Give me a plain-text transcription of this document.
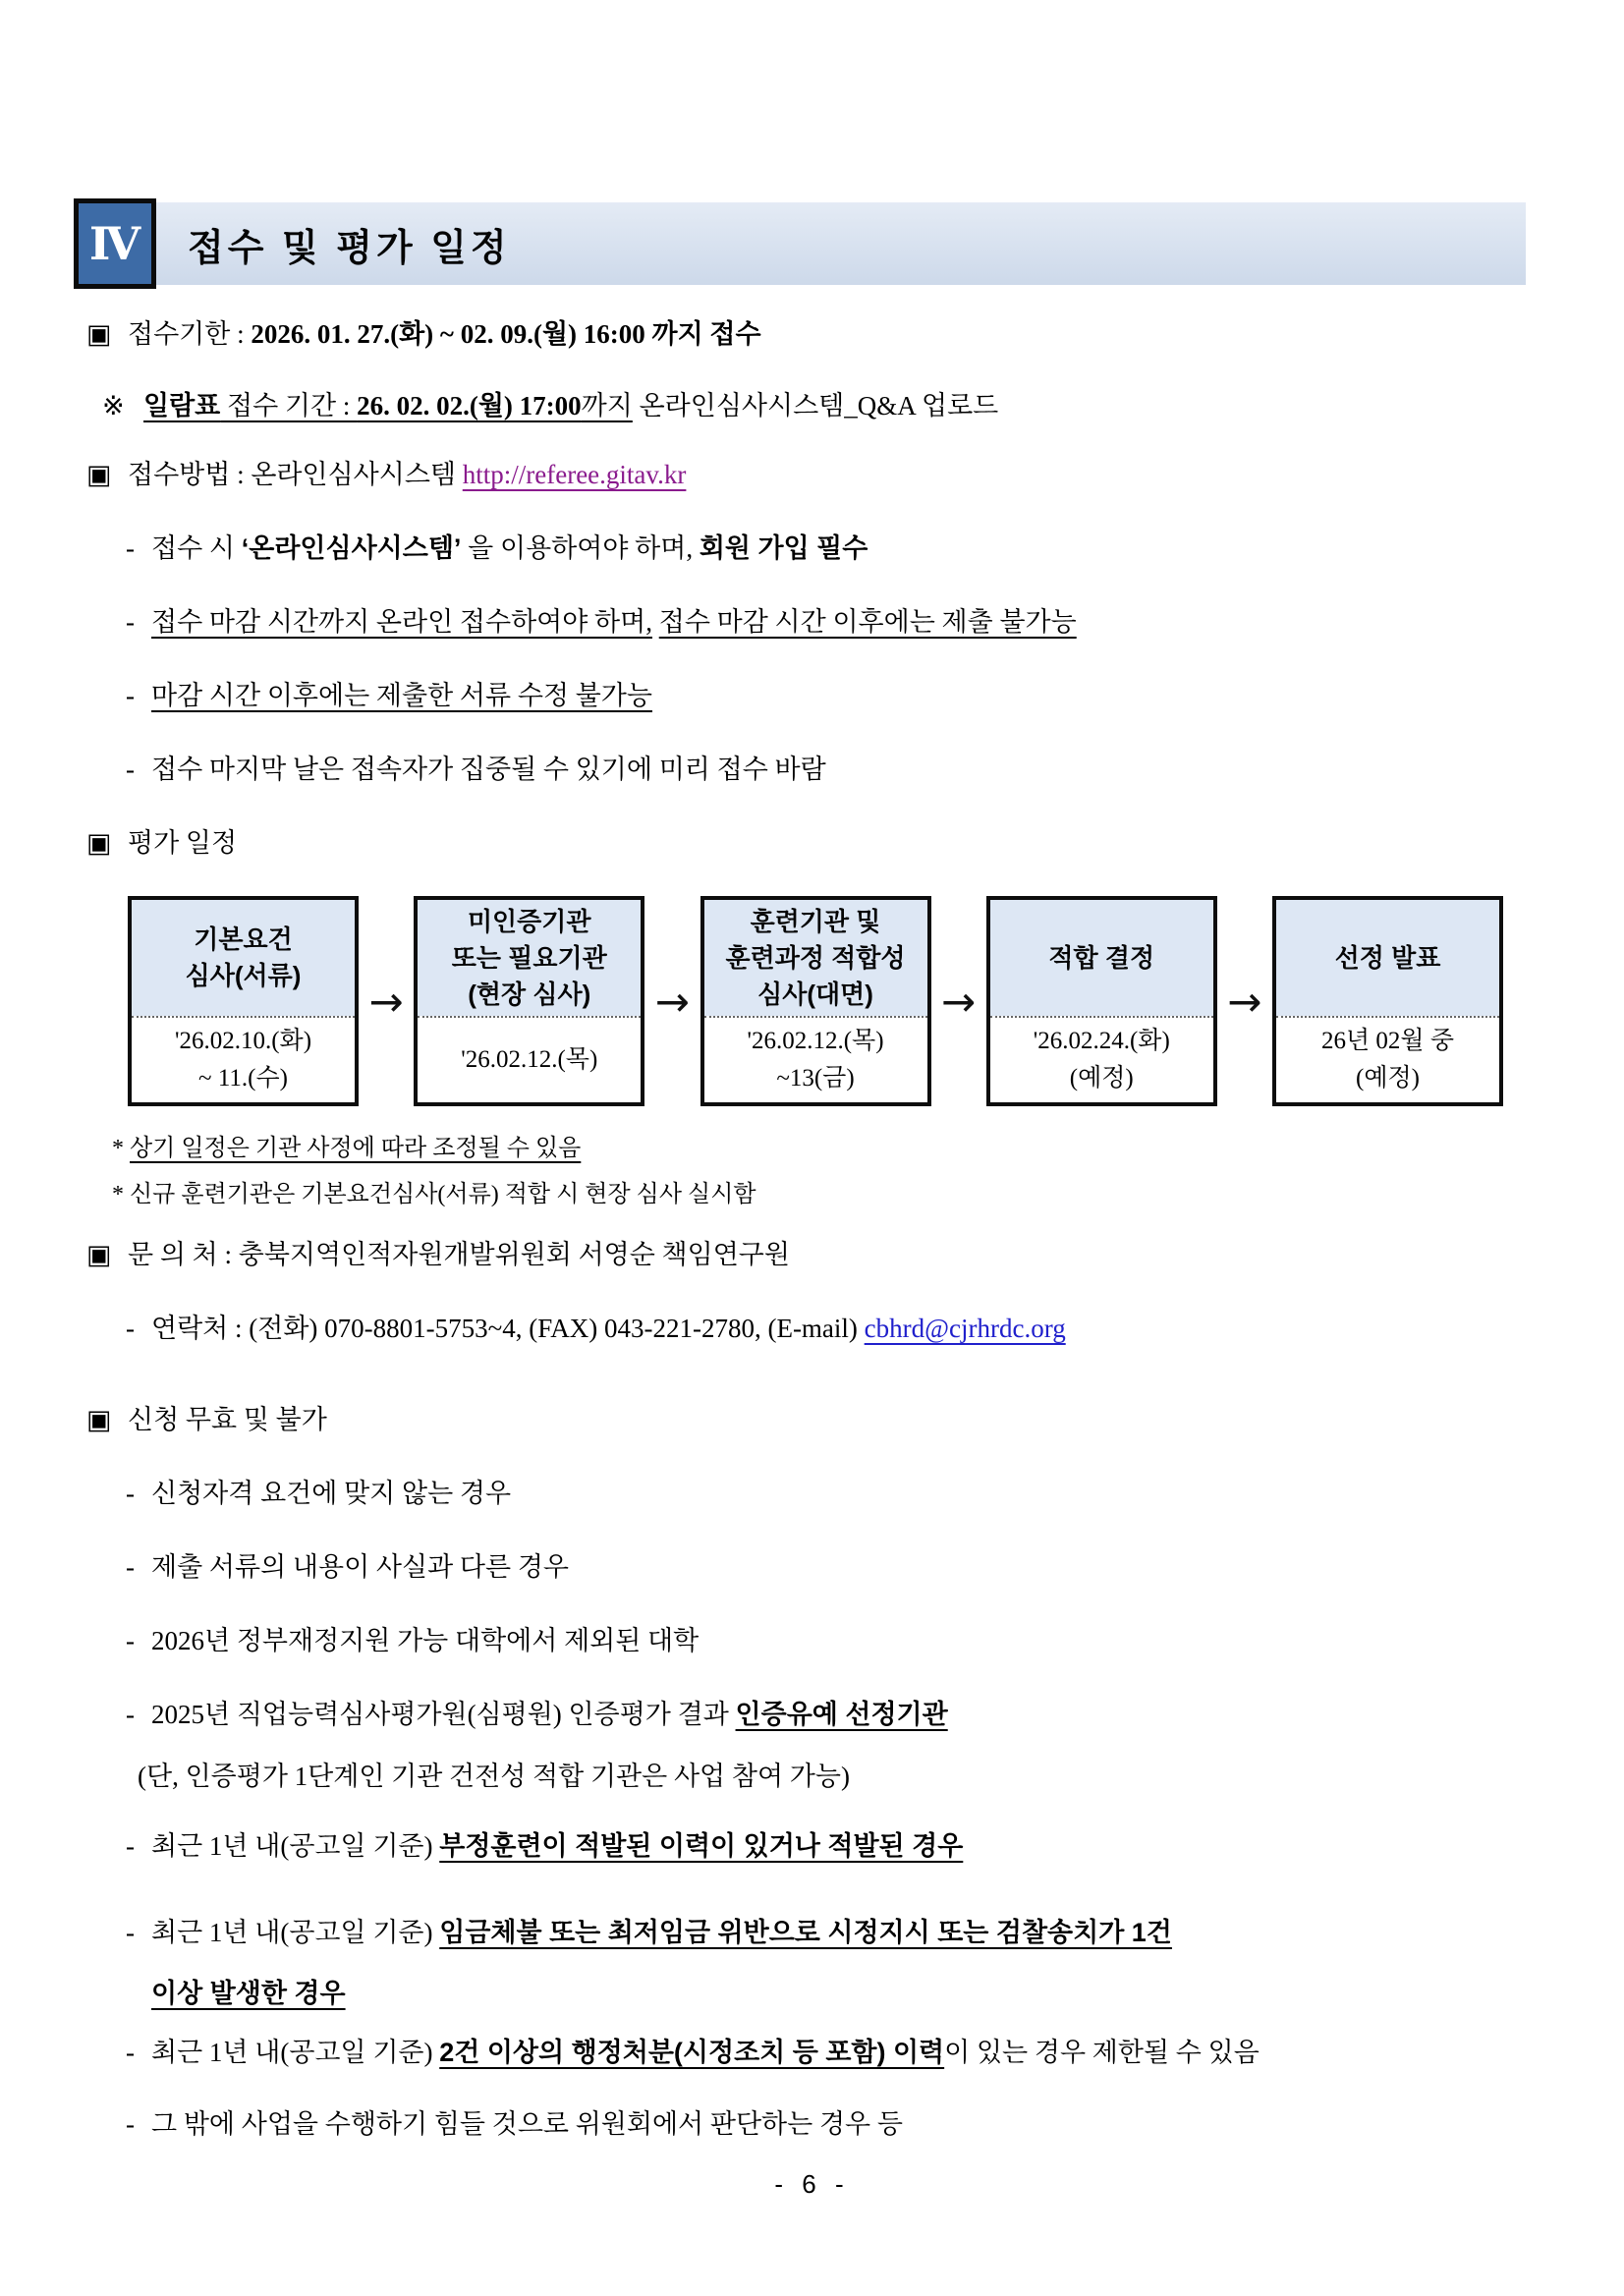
Ⅳ	접수 및 평가 일정
▣ 접수기한 : 2026. 01. 27.(화) ~ 02. 09.(월) 16:00 까지 접수
※ 일람표 접수 기간 : 26. 02. 02.(월) 17:00까지 온라인심사시스템_Q&A 업로드
▣ 접수방법 : 온라인심사시스템 http://referee.gitav.kr
- 접수 시 ‘온라인심사시스템’ 을 이용하여야 하며, 회원 가입 필수
- 접수 마감 시간까지 온라인 접수하여야 하며, 접수 마감 시간 이후에는 제출 불가능
- 마감 시간 이후에는 제출한 서류 수정 불가능
- 접수 마지막 날은 접속자가 집중될 수 있기에 미리 접수 바람
▣ 평가 일정
기본요건
심사(서류)
'26.02.10.(화)
~ 11.(수)
→
미인증기관
또는 필요기관
(현장 심사)
'26.02.12.(목)
→
훈련기관 및
훈련과정 적합성
심사(대면)
'26.02.12.(목)
~13(금)
→
적합 결정
'26.02.24.(화)
(예정)
→
선정 발표
26년 02월 중
(예정)
* 상기 일정은 기관 사정에 따라 조정될 수 있음
* 신규 훈련기관은 기본요건심사(서류) 적합 시 현장 심사 실시함
▣ 문 의 처 : 충북지역인적자원개발위원회 서영순 책임연구원
- 연락처 : (전화) 070-8801-5753~4, (FAX) 043-221-2780, (E-mail) cbhrd@cjrhrdc.org
▣ 신청 무효 및 불가
- 신청자격 요건에 맞지 않는 경우
- 제출 서류의 내용이 사실과 다른 경우
- 2026년 정부재정지원 가능 대학에서 제외된 대학
- 2025년 직업능력심사평가원(심평원) 인증평가 결과 인증유예 선정기관
(단, 인증평가 1단계인 기관 건전성 적합 기관은 사업 참여 가능)
- 최근 1년 내(공고일 기준) 부정훈련이 적발된 이력이 있거나 적발된 경우
- 최근 1년 내(공고일 기준) 임금체불 또는 최저임금 위반으로 시정지시 또는 검찰송치가 1건
이상 발생한 경우
- 최근 1년 내(공고일 기준) 2건 이상의 행정처분(시정조치 등 포함) 이력이 있는 경우 제한될 수 있음
- 그 밖에 사업을 수행하기 힘들 것으로 위원회에서 판단하는 경우 등
- 6 -
